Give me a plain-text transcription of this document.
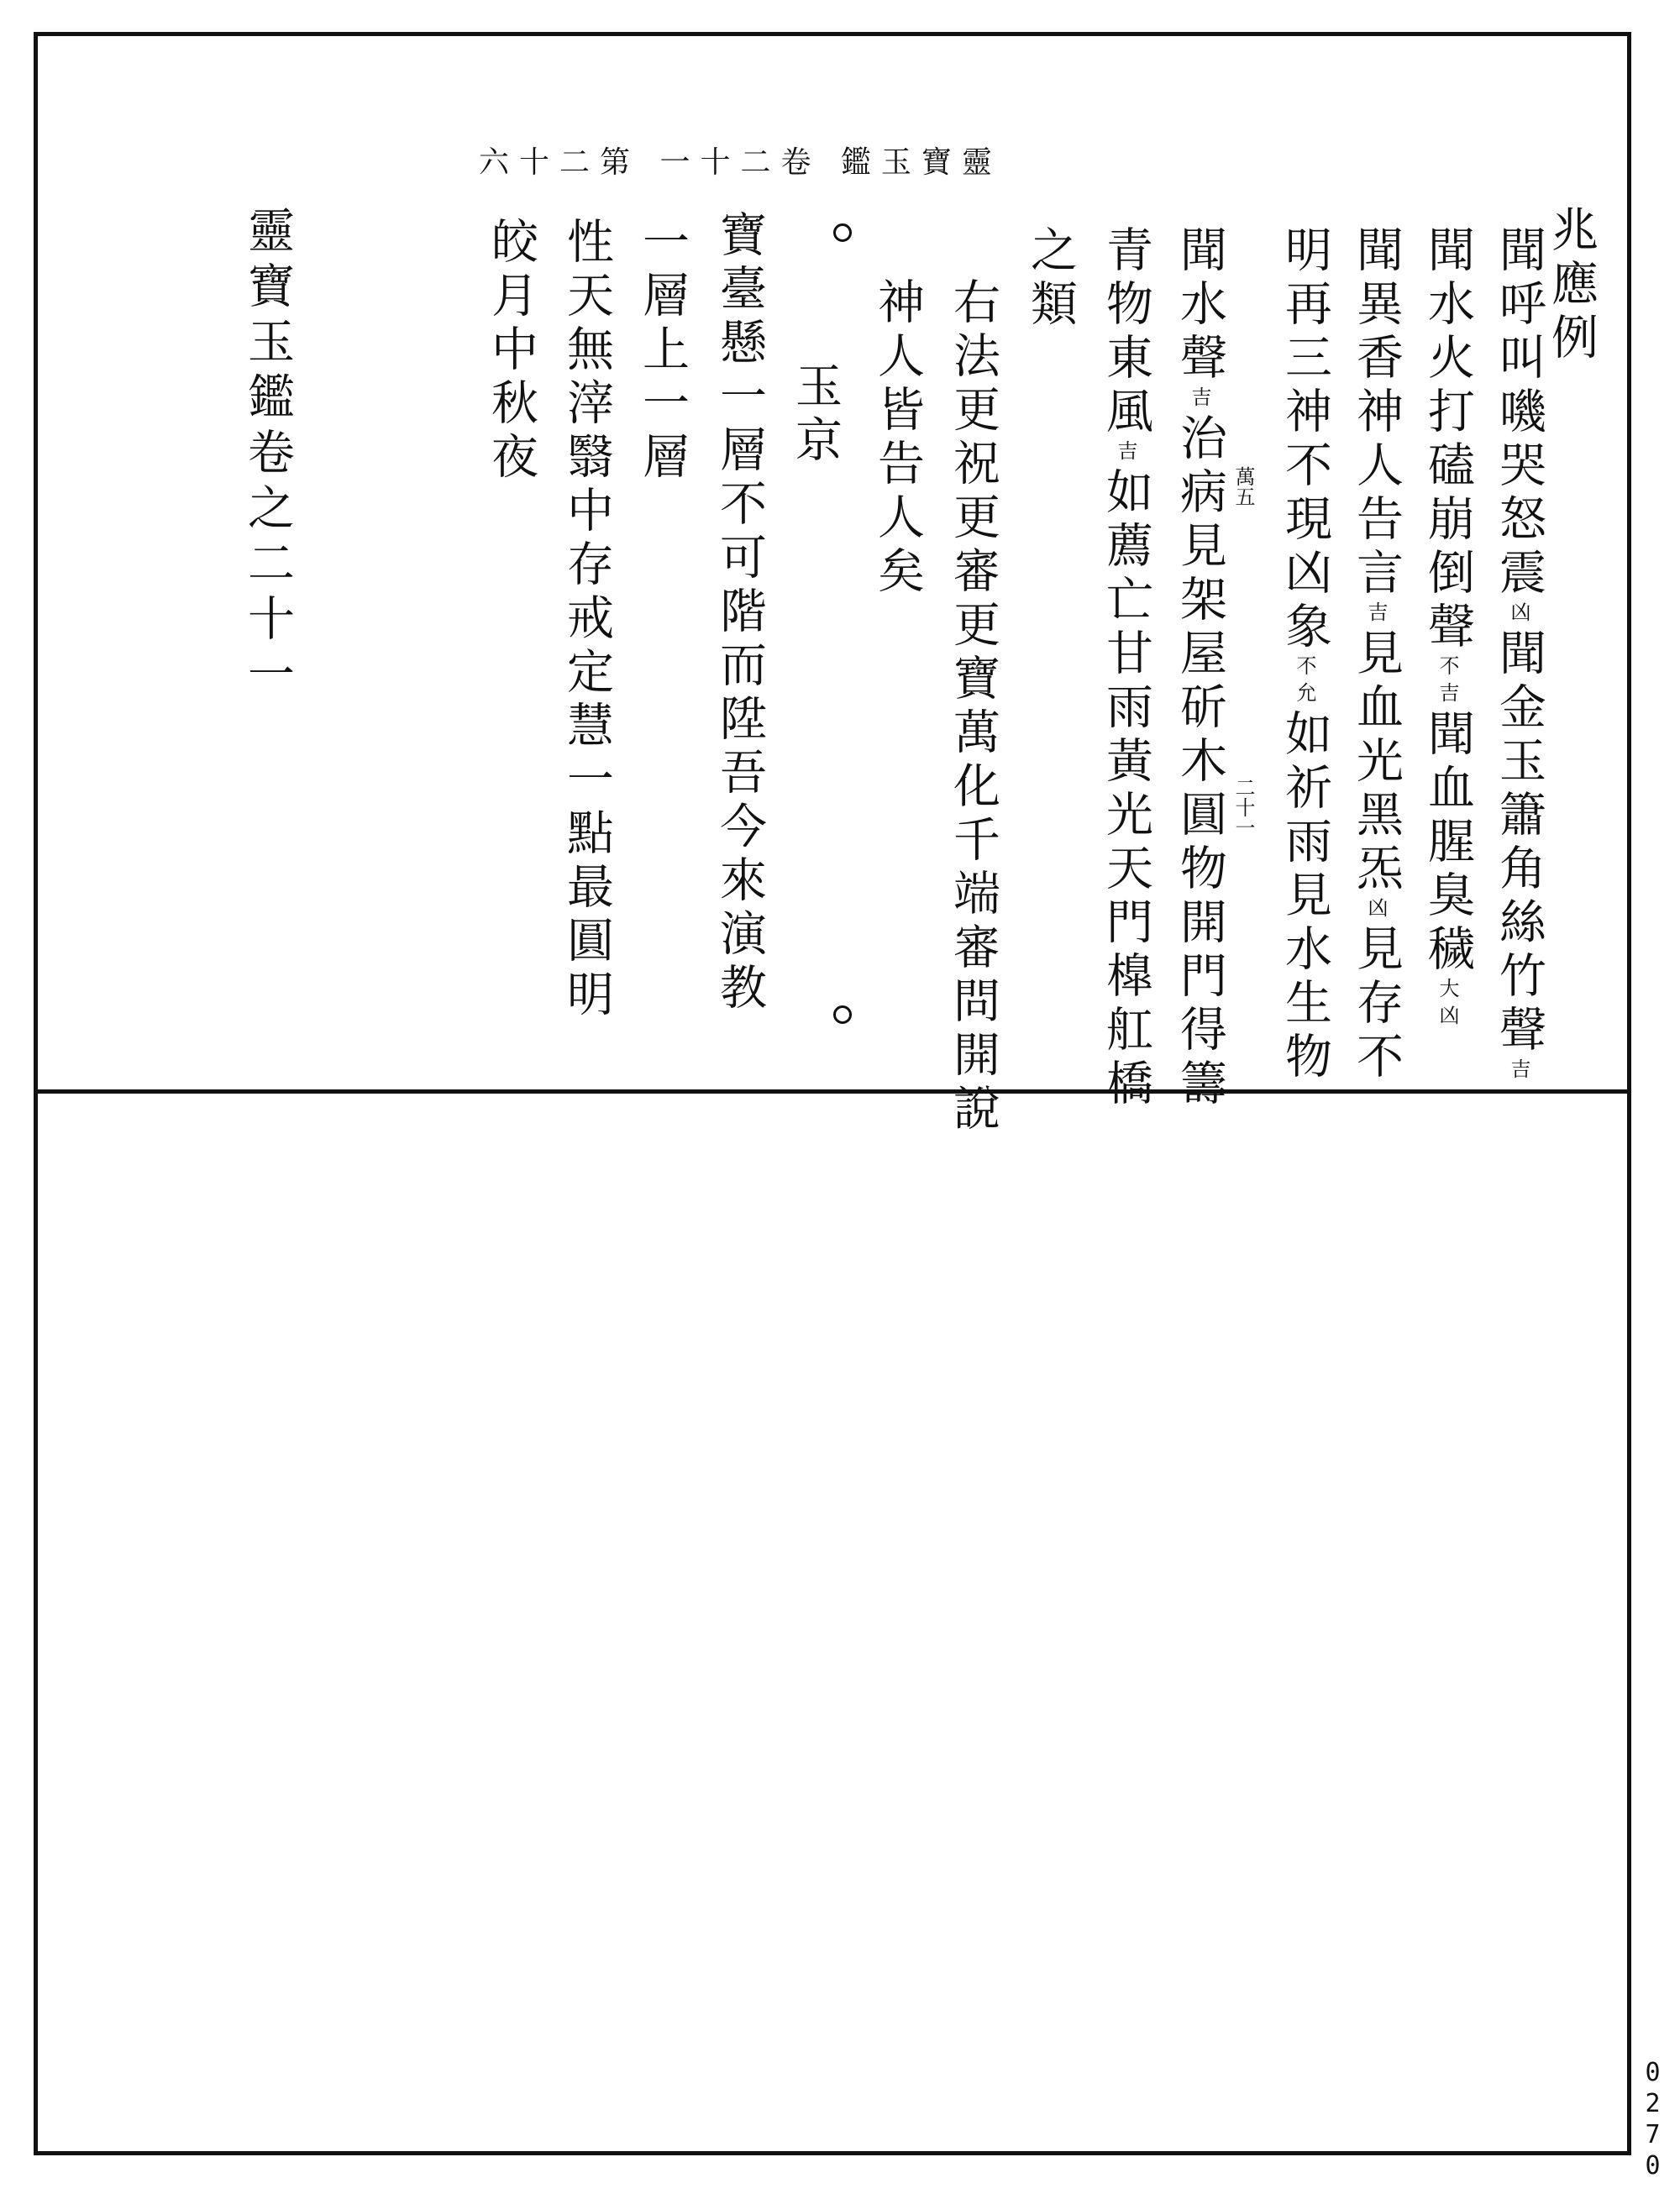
靈寶玉鑑 卷二十一 第二十六
兆應例
聞呼叫嘰哭怒震凶聞金玉簫角絲竹聲吉
聞水火打磕崩倒聲不吉聞血腥臭穢大凶
聞異香神人告言吉見血光黑炁凶見存不
明再三神不現凶象不允如祈雨見水生物
萬五
二十一
聞水聲吉治病見架屋斫木圓物開門得籌
青物東風吉如薦亡甘雨黃光天門橰舡橋
之類
右法更祝更審更寶萬化千端審問開說
神人皆告人矣
玉京
寶臺懸一層不可階而陞吾今來演教
一層上一層
性天無滓翳中存戒定慧一點最圓明
皎月中秋夜
靈寶玉鑑卷之二十一
0270
